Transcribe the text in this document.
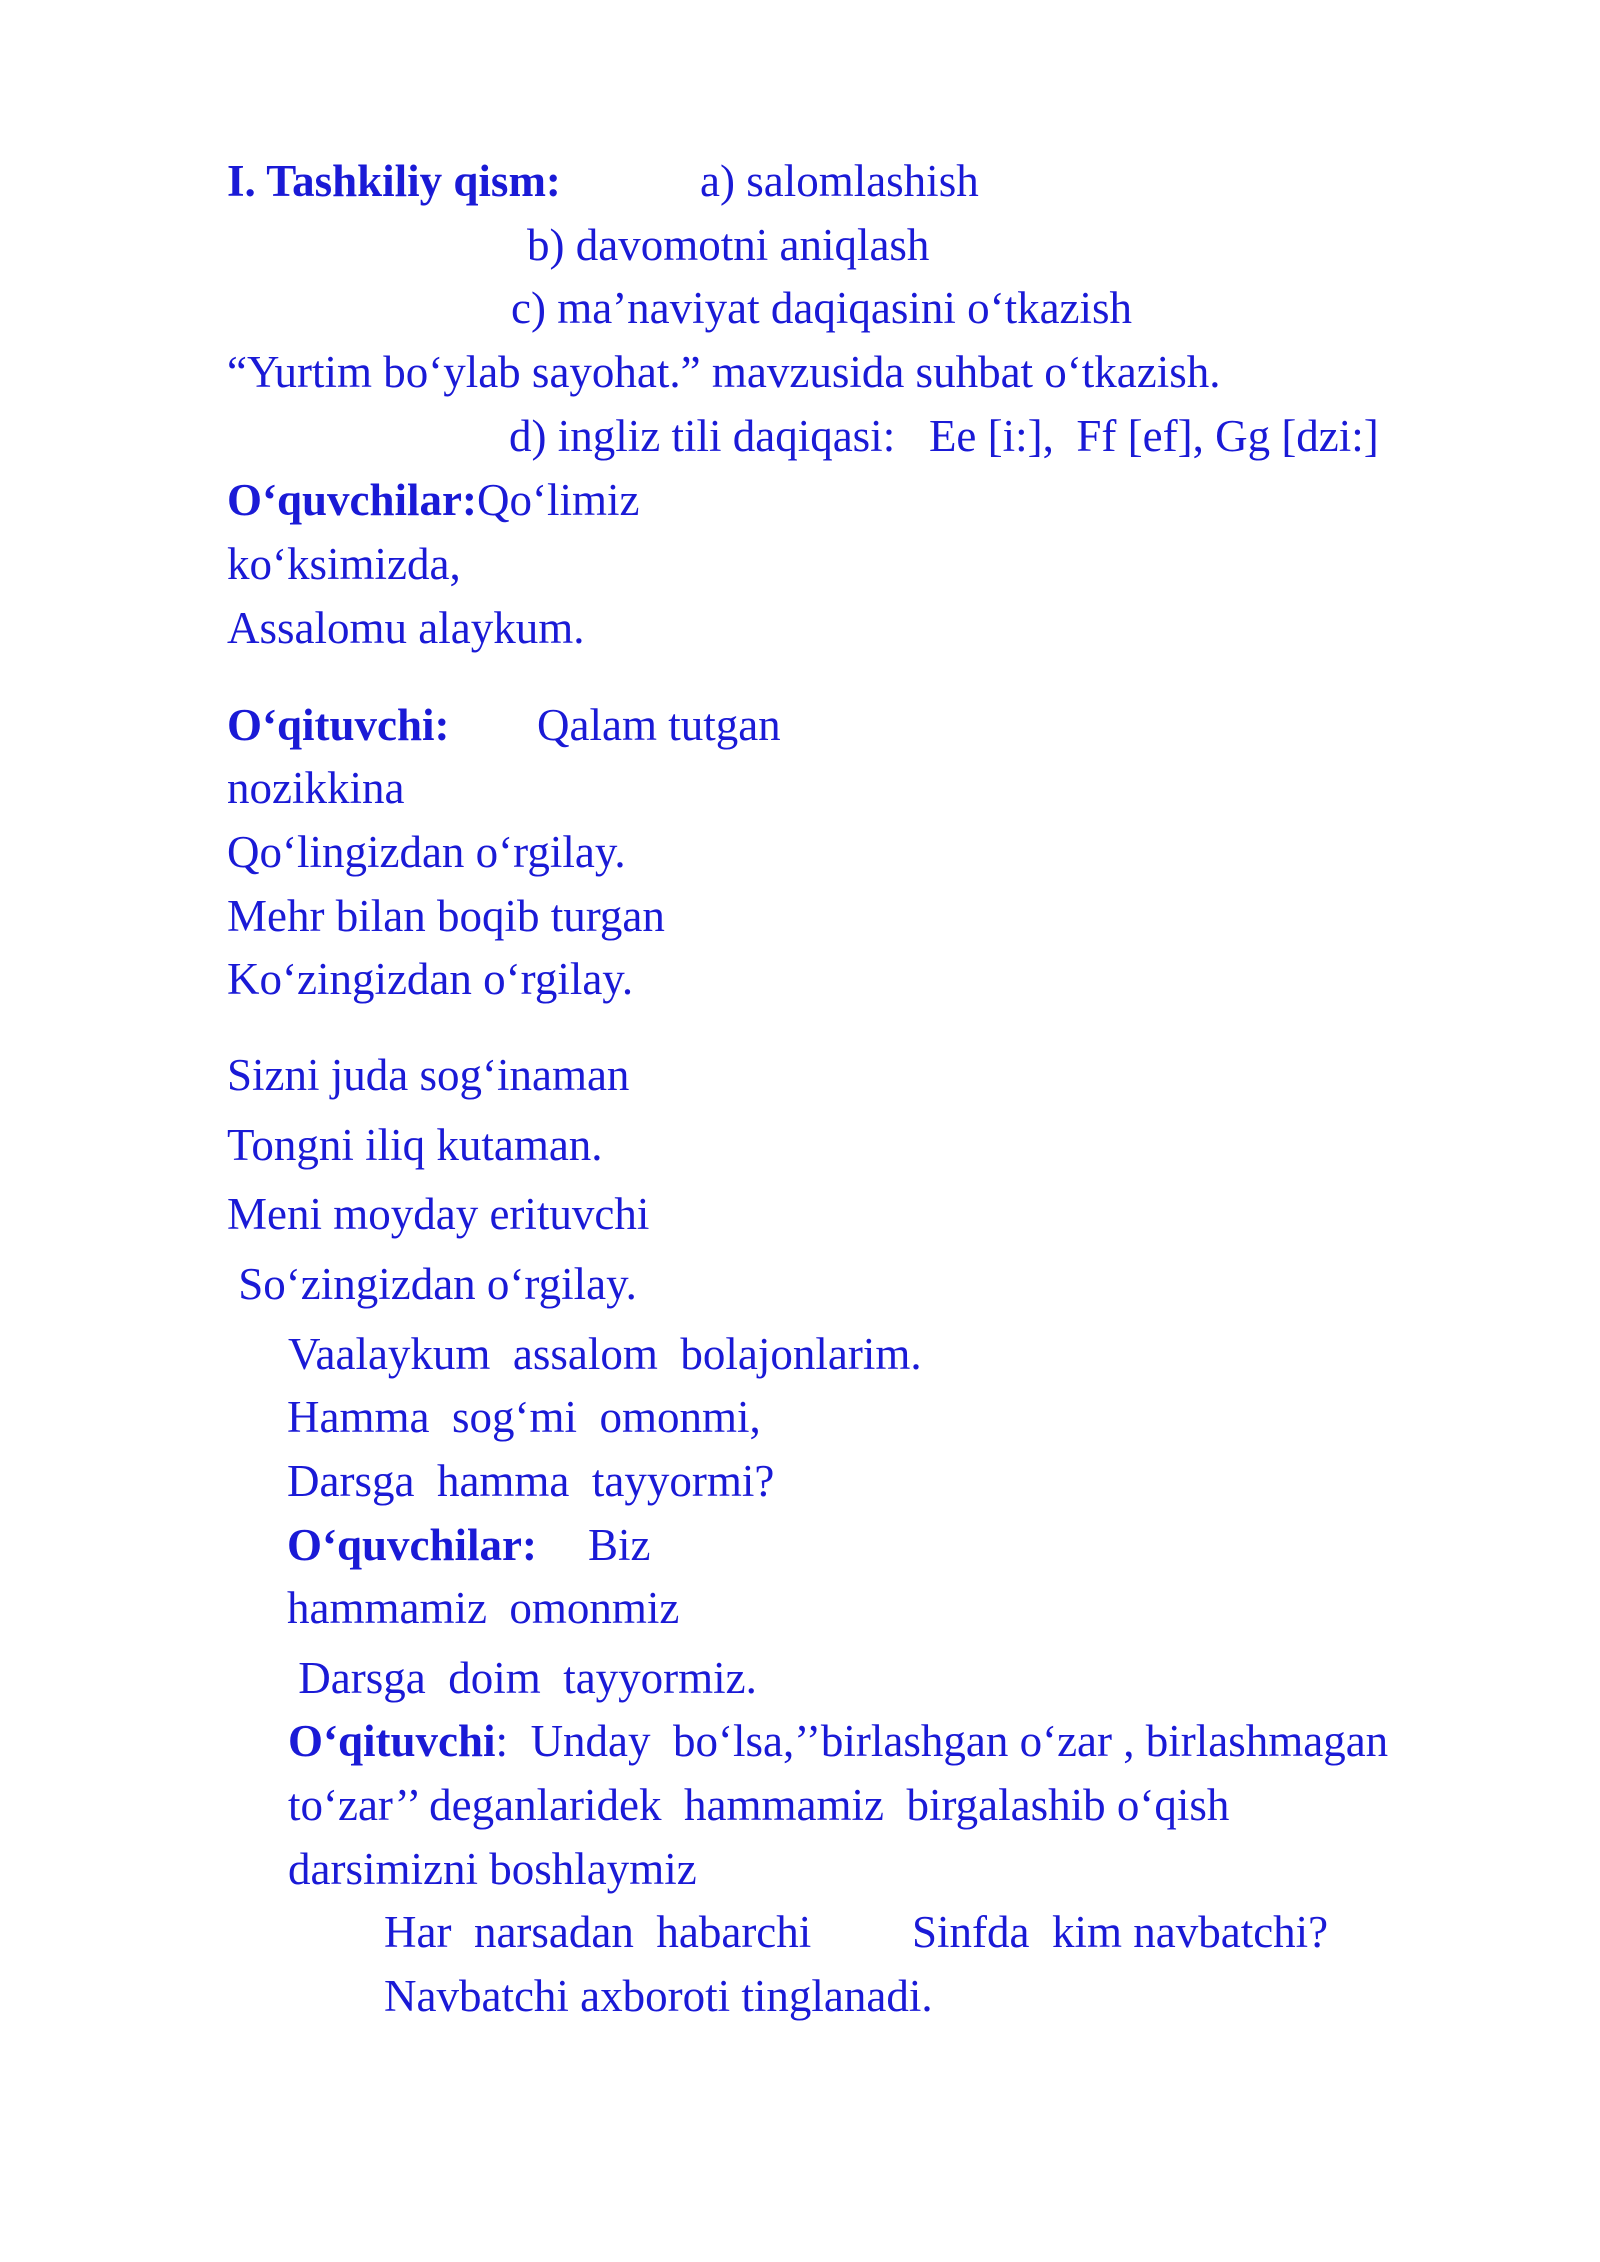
I. Tashkiliy qism:	a) salomlashish
b) davomotni aniqlash
c) ma’naviyat daqiqasini o‘tkazish
“Yurtim bo‘ylab sayohat.” mavzusida suhbat o‘tkazish.
d) ingliz tili daqiqasi:   Ee [i:],  Ff [ef], Gg [dzi:]
O‘quvchilar:Qo‘limiz
ko‘ksimizda,
Assalomu alaykum.
O‘qituvchi: Qalam tutgan
nozikkina
Qo‘lingizdan o‘rgilay.
Mehr bilan boqib turgan
Ko‘zingizdan o‘rgilay.
Sizni juda sog‘inaman
Tongni iliq kutaman.
Meni moyday erituvchi
So‘zingizdan o‘rgilay.
Vaalaykum  assalom  bolajonlarim.
Hamma  sog‘mi  omonmi,
Darsga  hamma  tayyormi?
O‘quvchilar: Biz
hammamiz  omonmiz
Darsga  doim  tayyormiz.
O‘qituvchi: Unday  bo‘lsa,’’birlashgan o‘zar , birlashmagan
to‘zar’’ deganlaridek  hammamiz  birgalashib o‘qish
darsimizni boshlaymiz
Har  narsadan  habarchi Sinfda  kim navbatchi?
Navbatchi axboroti tinglanadi.
